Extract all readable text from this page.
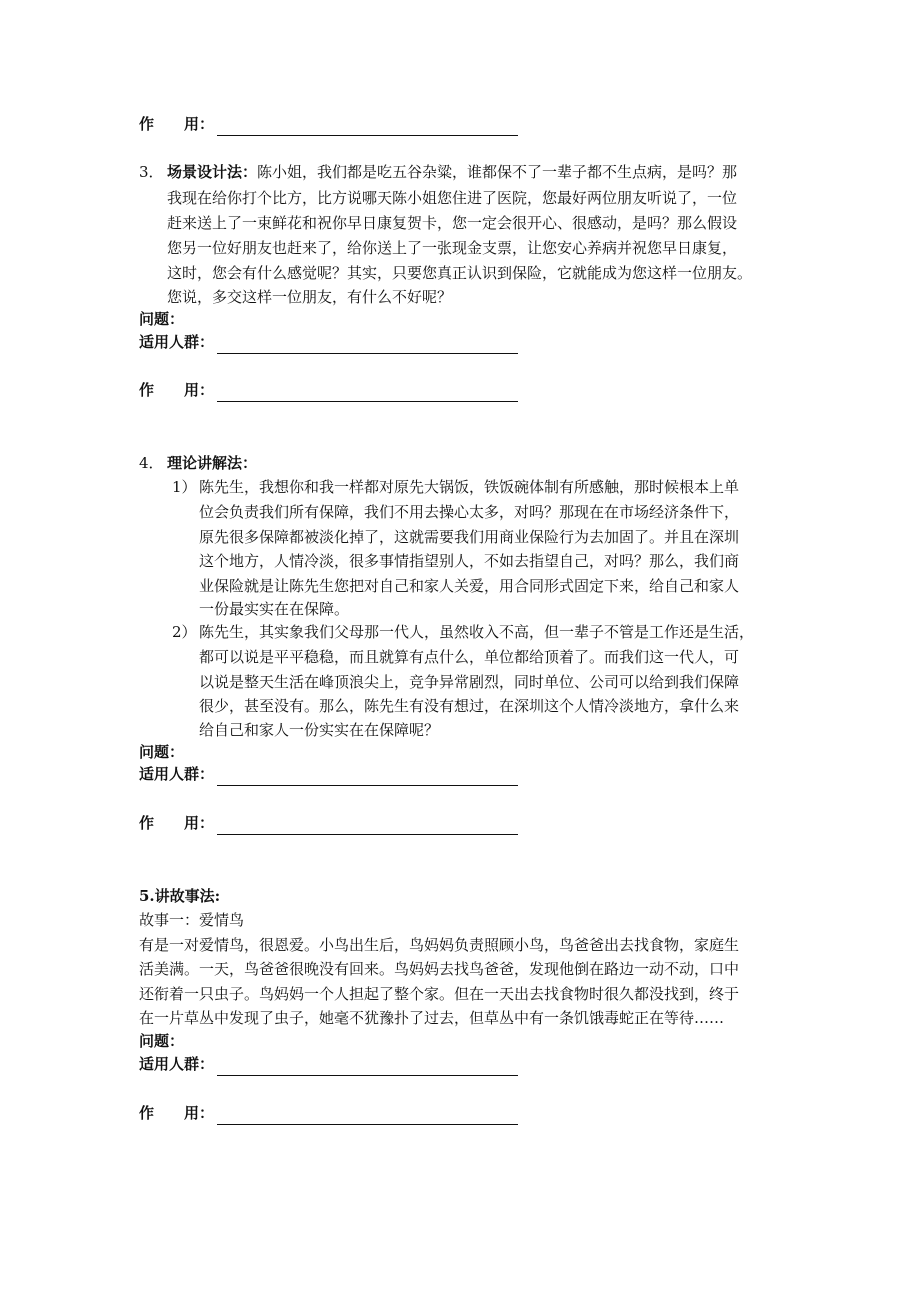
作　　用：
3． 场景设计法：陈小姐，我们都是吃五谷杂粱，谁都保不了一辈子都不生点病，是吗？那
我现在给你打个比方，比方说哪天陈小姐您住进了医院，您最好两位朋友听说了，一位
赶来送上了一束鲜花和祝你早日康复贺卡，您一定会很开心、很感动，是吗？那么假设
您另一位好朋友也赶来了，给你送上了一张现金支票，让您安心养病并祝您早日康复，
这时，您会有什么感觉呢？其实，只要您真正认识到保险，它就能成为您这样一位朋友。
您说，多交这样一位朋友，有什么不好呢？
问题：
适用人群：
作　　用：
4． 理论讲解法：
1） 陈先生，我想你和我一样都对原先大锅饭，铁饭碗体制有所感触，那时候根本上单
位会负责我们所有保障，我们不用去操心太多，对吗？那现在在市场经济条件下，
原先很多保障都被淡化掉了，这就需要我们用商业保险行为去加固了。并且在深圳
这个地方，人情冷淡，很多事情指望别人，不如去指望自己，对吗？那么，我们商
业保险就是让陈先生您把对自己和家人关爱，用合同形式固定下来，给自己和家人
一份最实实在在保障。
2） 陈先生，其实象我们父母那一代人，虽然收入不高，但一辈子不管是工作还是生活，
都可以说是平平稳稳，而且就算有点什么，单位都给顶着了。而我们这一代人，可
以说是整天生活在峰顶浪尖上，竞争异常剧烈，同时单位、公司可以给到我们保障
很少，甚至没有。那么，陈先生有没有想过，在深圳这个人情冷淡地方，拿什么来
给自己和家人一份实实在在保障呢？
问题：
适用人群：
作　　用：
5.讲故事法:
故事一：爱情鸟
有是一对爱情鸟，很恩爱。小鸟出生后，鸟妈妈负责照顾小鸟，鸟爸爸出去找食物，家庭生
活美满。一天，鸟爸爸很晚没有回来。鸟妈妈去找鸟爸爸，发现他倒在路边一动不动，口中
还衔着一只虫子。鸟妈妈一个人担起了整个家。但在一天出去找食物时很久都没找到，终于
在一片草丛中发现了虫子，她毫不犹豫扑了过去，但草丛中有一条饥饿毒蛇正在等待……
问题：
适用人群：
作　　用：
